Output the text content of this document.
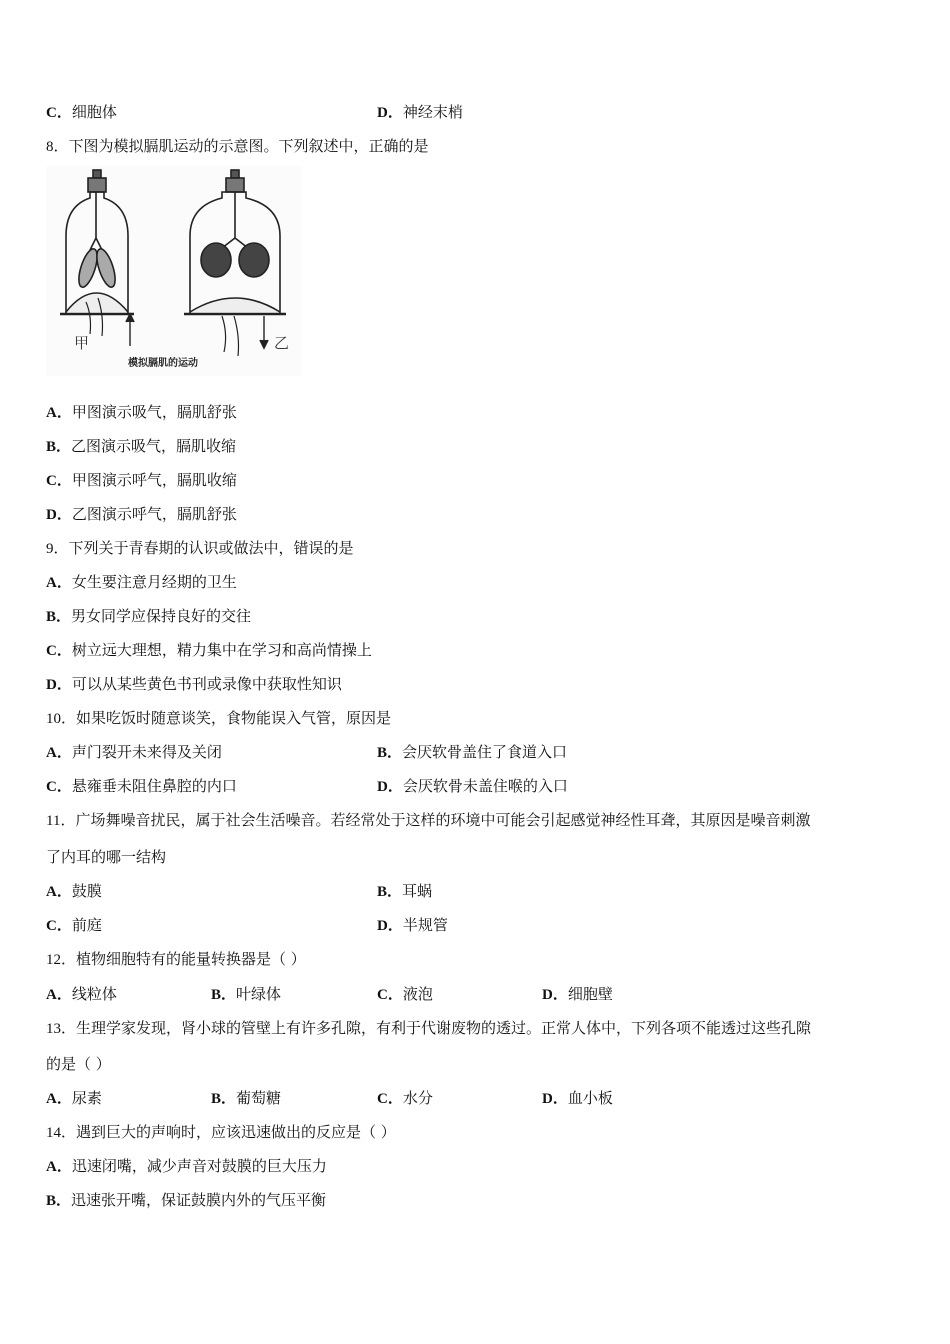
C．细胞体	D．神经末梢
8．下图为模拟膈肌运动的示意图。下列叙述中，正确的是
甲	乙
模拟膈肌的运动
A．甲图演示吸气，膈肌舒张
B．乙图演示吸气，膈肌收缩
C．甲图演示呼气，膈肌收缩
D．乙图演示呼气，膈肌舒张
9．下列关于青春期的认识或做法中，错误的是
A．女生要注意月经期的卫生
B．男女同学应保持良好的交往
C．树立远大理想，精力集中在学习和高尚情操上
D．可以从某些黄色书刊或录像中获取性知识
10．如果吃饭时随意谈笑，食物能误入气管，原因是
A．声门裂开未来得及关闭	B．会厌软骨盖住了食道入口
C．悬雍垂未阻住鼻腔的内口	D．会厌软骨未盖住喉的入口
11．广场舞噪音扰民，属于社会生活噪音。若经常处于这样的环境中可能会引起感觉神经性耳聋，其原因是噪音刺激
了内耳的哪一结构
A．鼓膜	B．耳蜗
C．前庭	D．半规管
12．植物细胞特有的能量转换器是（ ）
A．线粒体	B．叶绿体	C．液泡	D．细胞壁
13．生理学家发现，肾小球的管壁上有许多孔隙，有利于代谢废物的透过。正常人体中，下列各项不能透过这些孔隙
的是（ ）
A．尿素	B．葡萄糖	C．水分	D．血小板
14．遇到巨大的声响时，应该迅速做出的反应是（ ）
A．迅速闭嘴，减少声音对鼓膜的巨大压力
B．迅速张开嘴，保证鼓膜内外的气压平衡
